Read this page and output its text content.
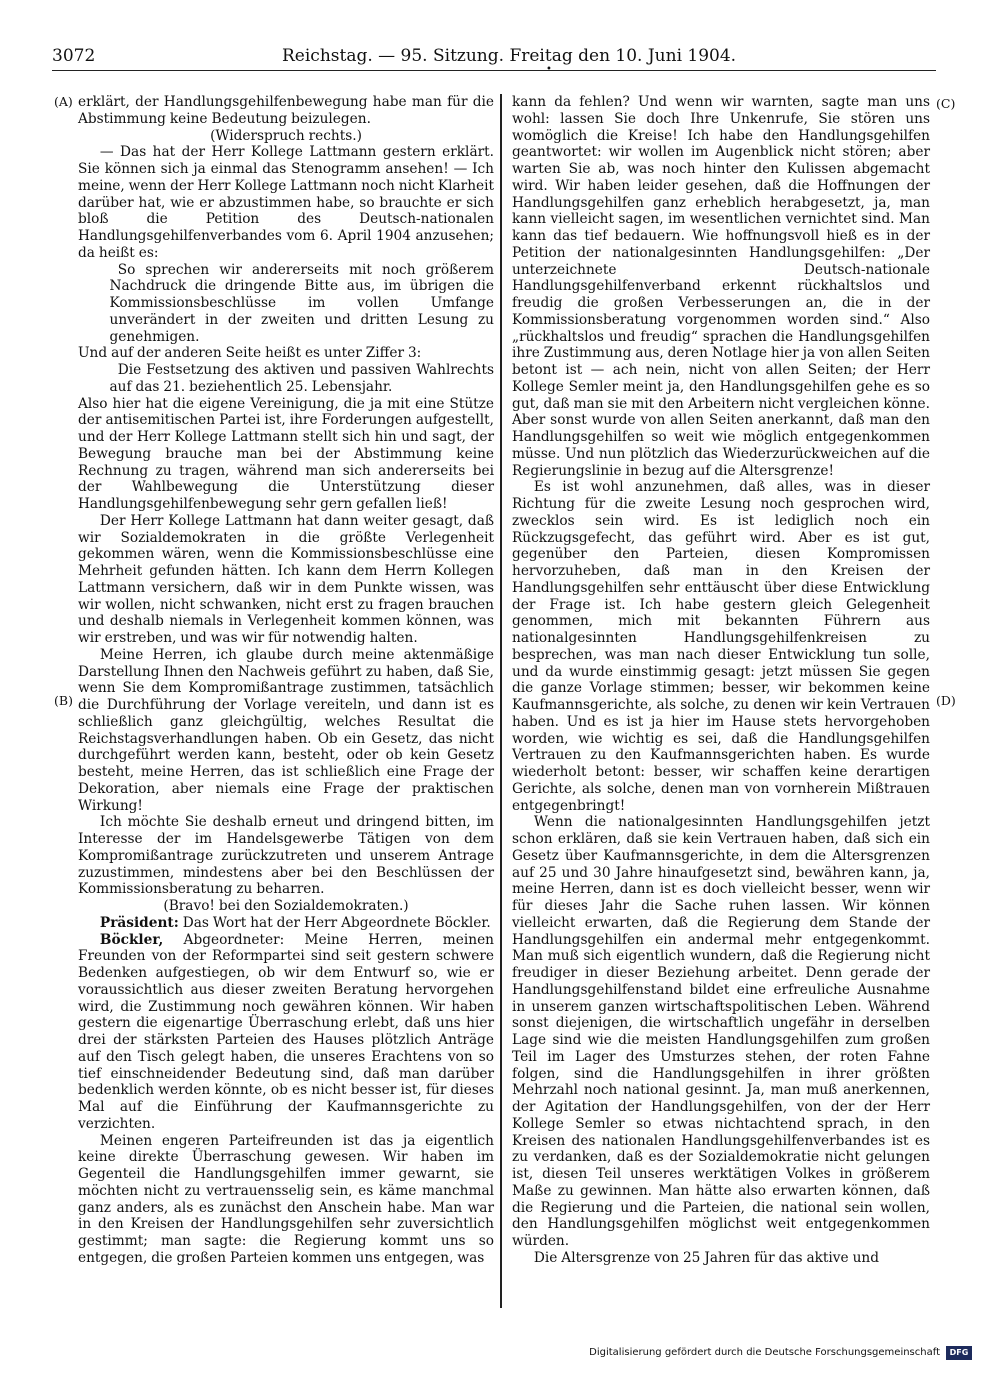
3072	Reichstag. — 95. Sitzung. Freitag den 10. Juni 1904.
•
(A)
(B)
(C)
(D)

erklärt, der Handlungsgehilfenbewegung habe man für die Abstimmung keine Bedeutung beizulegen.

(Widerspruch rechts.)

— Das hat der Herr Kollege Lattmann gestern erklärt. Sie können sich ja einmal das Stenogramm ansehen! — Ich meine, wenn der Herr Kollege Lattmann noch nicht Klarheit darüber hat, wie er abzustimmen habe, so brauchte er sich bloß die Petition des Deutsch-nationalen Handlungsgehilfenverbandes vom 6. April 1904 anzusehen; da heißt es:

So sprechen wir andererseits mit noch größerem Nachdruck die dringende Bitte aus, im übrigen die Kommissionsbeschlüsse im vollen Umfange unverändert in der zweiten und dritten Lesung zu genehmigen.

Und auf der anderen Seite heißt es unter Ziffer 3:

Die Festsetzung des aktiven und passiven Wahlrechts auf das 21. beziehentlich 25. Lebensjahr.

Also hier hat die eigene Vereinigung, die ja mit eine Stütze der antisemitischen Partei ist, ihre Forderungen aufgestellt, und der Herr Kollege Lattmann stellt sich hin und sagt, der Bewegung brauche man bei der Abstimmung keine Rechnung zu tragen, während man sich andererseits bei der Wahlbewegung die Unterstützung dieser Handlungsgehilfenbewegung sehr gern gefallen ließ!

Der Herr Kollege Lattmann hat dann weiter gesagt, daß wir Sozialdemokraten in die größte Verlegenheit gekommen wären, wenn die Kommissionsbeschlüsse eine Mehrheit gefunden hätten. Ich kann dem Herrn Kollegen Lattmann versichern, daß wir in dem Punkte wissen, was wir wollen, nicht schwanken, nicht erst zu fragen brauchen und deshalb niemals in Verlegenheit kommen können, was wir erstreben, und was wir für notwendig halten.

Meine Herren, ich glaube durch meine aktenmäßige Darstellung Ihnen den Nachweis geführt zu haben, daß Sie, wenn Sie dem Kompromißantrage zustimmen, tatsächlich die Durchführung der Vorlage vereiteln, und dann ist es schließlich ganz gleichgültig, welches Resultat die Reichstagsverhandlungen haben. Ob ein Gesetz, das nicht durchgeführt werden kann, besteht, oder ob kein Gesetz besteht, meine Herren, das ist schließlich eine Frage der Dekoration, aber niemals eine Frage der praktischen Wirkung!

Ich möchte Sie deshalb erneut und dringend bitten, im Interesse der im Handelsgewerbe Tätigen von dem Kompromißantrage zurückzutreten und unserem Antrage zuzustimmen, mindestens aber bei den Beschlüssen der Kommissionsberatung zu beharren.

(Bravo! bei den Sozialdemokraten.)

Präsident: Das Wort hat der Herr Abgeordnete Böckler.

Böckler, Abgeordneter: Meine Herren, meinen Freunden von der Reformpartei sind seit gestern schwere Bedenken aufgestiegen, ob wir dem Entwurf so, wie er voraussichtlich aus dieser zweiten Beratung hervorgehen wird, die Zustimmung noch gewähren können. Wir haben gestern die eigenartige Überraschung erlebt, daß uns hier drei der stärksten Parteien des Hauses plötzlich Anträge auf den Tisch gelegt haben, die unseres Erachtens von so tief einschneidender Bedeutung sind, daß man darüber bedenklich werden könnte, ob es nicht besser ist, für dieses Mal auf die Einführung der Kaufmannsgerichte zu verzichten.

Meinen engeren Parteifreunden ist das ja eigentlich keine direkte Überraschung gewesen. Wir haben im Gegenteil die Handlungsgehilfen immer gewarnt, sie möchten nicht zu vertrauensselig sein, es käme manchmal ganz anders, als es zunächst den Anschein habe. Man war in den Kreisen der Handlungsgehilfen sehr zuversichtlich gestimmt; man sagte: die Regierung kommt uns so entgegen, die großen Parteien kommen uns entgegen, was

kann da fehlen? Und wenn wir warnten, sagte man uns wohl: lassen Sie doch Ihre Unkenrufe, Sie stören uns womöglich die Kreise! Ich habe den Handlungsgehilfen geantwortet: wir wollen im Augenblick nicht stören; aber warten Sie ab, was noch hinter den Kulissen abgemacht wird. Wir haben leider gesehen, daß die Hoffnungen der Handlungsgehilfen ganz erheblich herabgesetzt, ja, man kann vielleicht sagen, im wesentlichen vernichtet sind. Man kann das tief bedauern. Wie hoffnungsvoll hieß es in der Petition der nationalgesinnten Handlungsgehilfen: „Der unterzeichnete Deutsch-nationale Handlungsgehilfenverband erkennt rückhaltslos und freudig die großen Verbesserungen an, die in der Kommissionsberatung vorgenommen worden sind.“ Also „rückhaltslos und freudig“ sprachen die Handlungsgehilfen ihre Zustimmung aus, deren Notlage hier ja von allen Seiten betont ist — ach nein, nicht von allen Seiten; der Herr Kollege Semler meint ja, den Handlungsgehilfen gehe es so gut, daß man sie mit den Arbeitern nicht vergleichen könne. Aber sonst wurde von allen Seiten anerkannt, daß man den Handlungsgehilfen so weit wie möglich entgegenkommen müsse. Und nun plötzlich das Wiederzurückweichen auf die Regierungslinie in bezug auf die Altersgrenze!

Es ist wohl anzunehmen, daß alles, was in dieser Richtung für die zweite Lesung noch gesprochen wird, zwecklos sein wird. Es ist lediglich noch ein Rückzugsgefecht, das geführt wird. Aber es ist gut, gegenüber den Parteien, diesen Kompromissen hervorzuheben, daß man in den Kreisen der Handlungsgehilfen sehr enttäuscht über diese Entwicklung der Frage ist. Ich habe gestern gleich Gelegenheit genommen, mich mit bekannten Führern aus nationalgesinnten Handlungsgehilfenkreisen zu besprechen, was man nach dieser Entwicklung tun solle, und da wurde einstimmig gesagt: jetzt müssen Sie gegen die ganze Vorlage stimmen; besser, wir bekommen keine Kaufmannsgerichte, als solche, zu denen wir kein Vertrauen haben. Und es ist ja hier im Hause stets hervorgehoben worden, wie wichtig es sei, daß die Handlungsgehilfen Vertrauen zu den Kaufmannsgerichten haben. Es wurde wiederholt betont: besser, wir schaffen keine derartigen Gerichte, als solche, denen man von vornherein Mißtrauen entgegenbringt!

Wenn die nationalgesinnten Handlungsgehilfen jetzt schon erklären, daß sie kein Vertrauen haben, daß sich ein Gesetz über Kaufmannsgerichte, in dem die Altersgrenzen auf 25 und 30 Jahre hinaufgesetzt sind, bewähren kann, ja, meine Herren, dann ist es doch vielleicht besser, wenn wir für dieses Jahr die Sache ruhen lassen. Wir können vielleicht erwarten, daß die Regierung dem Stande der Handlungsgehilfen ein andermal mehr entgegenkommt. Man muß sich eigentlich wundern, daß die Regierung nicht freudiger in dieser Beziehung arbeitet. Denn gerade der Handlungsgehilfenstand bildet eine erfreuliche Ausnahme in unserem ganzen wirtschaftspolitischen Leben. Während sonst diejenigen, die wirtschaftlich ungefähr in derselben Lage sind wie die meisten Handlungsgehilfen zum großen Teil im Lager des Umsturzes stehen, der roten Fahne folgen, sind die Handlungsgehilfen in ihrer größten Mehrzahl noch national gesinnt. Ja, man muß anerkennen, der Agitation der Handlungsgehilfen, von der der Herr Kollege Semler so etwas nichtachtend sprach, in den Kreisen des nationalen Handlungsgehilfenverbandes ist es zu verdanken, daß es der Sozialdemokratie nicht gelungen ist, diesen Teil unseres werktätigen Volkes in größerem Maße zu gewinnen. Man hätte also erwarten können, daß die Regierung und die Parteien, die national sein wollen, den Handlungsgehilfen möglichst weit entgegenkommen würden.

Die Altersgrenze von 25 Jahren für das aktive und

Digitalisierung gefördert durch die Deutsche Forschungsgemeinschaft	DFG
